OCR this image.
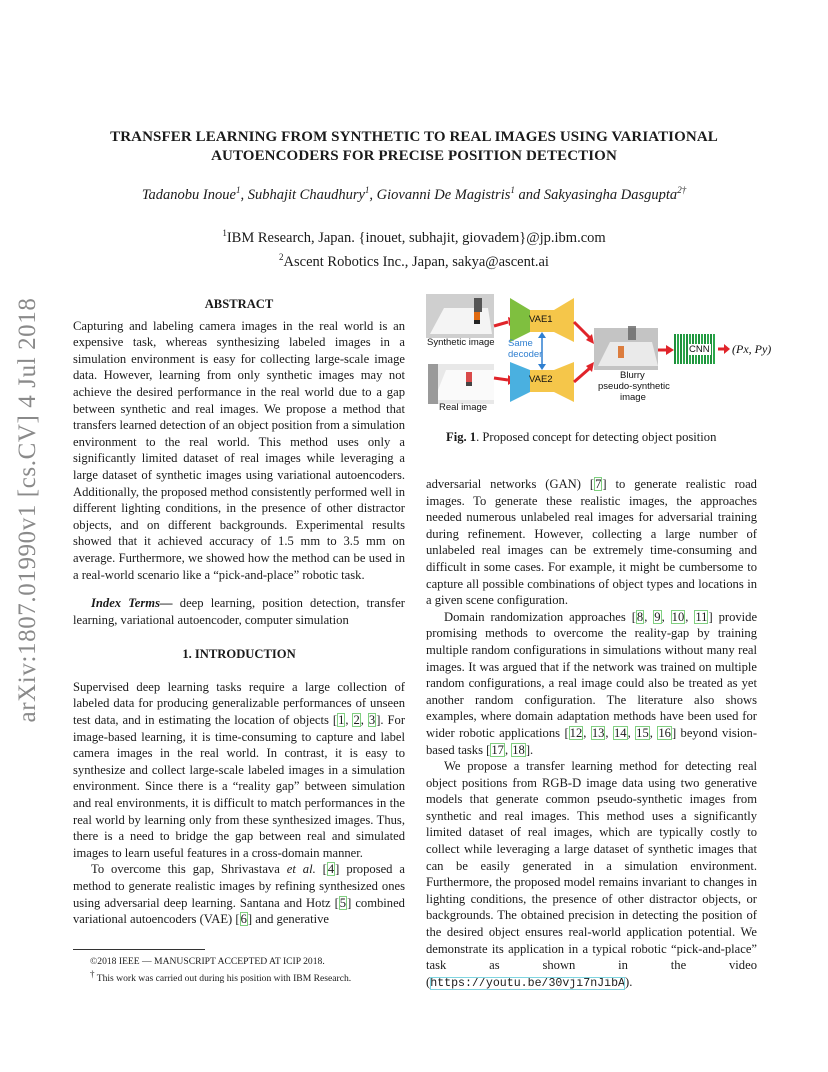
TRANSFER LEARNING FROM SYNTHETIC TO REAL IMAGES USING VARIATIONAL
AUTOENCODERS FOR PRECISE POSITION DETECTION
Tadanobu Inoue$^1$, Subhajit Chaudhury$^1$, Giovanni De Magistris$^1$ and Sakyasingha Dasgupta$^{2\dagger}$
$^1$IBM Research, Japan. {inouet, subhajit, giovadem}@jp.ibm.com
$^2$Ascent Robotics Inc., Japan, sakya@ascent.ai
arXiv:1807.01990v1 [cs.CV] 4 Jul 2018	ABSTRACT

Capturing and labeling camera images in the real world is an expensive task, whereas synthesizing labeled images in a simulation environment is easy for collecting large-scale image data. However, learning from only synthetic images may not achieve the desired performance in the real world due to a gap between synthetic and real images. We propose a method that transfers learned detection of an object position from a simulation environment to the real world. This method uses only a significantly limited dataset of real images while leveraging a large dataset of synthetic images using variational autoencoders. Additionally, the proposed method consistently performed well in different lighting conditions, in the presence of other distractor objects, and on different backgrounds. Experimental results showed that it achieved accuracy of 1.5 mm to 3.5 mm on average. Furthermore, we showed how the method can be used in a real-world scenario like a “pick-and-place” robotic task.

Index Terms— deep learning, position detection, transfer learning, variational autoencoder, computer simulation

1. INTRODUCTION

Supervised deep learning tasks require a large collection of labeled data for producing generalizable performances of unseen test data, and in estimating the location of objects [1, 2, 3]. For image-based learning, it is time-consuming to capture and label camera images in the real world. In contrast, it is easy to synthesize and collect large-scale labeled images in a simulation environment. Since there is a “reality gap” between simulation and real environments, it is difficult to match performances in the real world by learning only from these synthesized images. Thus, there is a need to bridge the gap between real and simulated images to learn useful features in a cross-domain manner.

To overcome this gap, Shrivastava et al. [4] proposed a method to generate realistic images by refining synthesized ones using adversarial deep learning. Santana and Hotz [5] combined variational autoencoders (VAE) [6] and generative

©2018 IEEE — MANUSCRIPT ACCEPTED AT ICIP 2018.
† This work was carried out during his position with IBM Research.
Synthetic image
Real image
VAE1
VAE2
Same
decoder
Blurry
pseudo-synthetic
image
CNN (Px, Py)
Fig. 1. Proposed concept for detecting object position

adversarial networks (GAN) [7] to generate realistic road images. To generate these realistic images, the approaches needed numerous unlabeled real images for adversarial training during refinement. However, collecting a large number of unlabeled real images can be extremely time-consuming and difficult in some cases. For example, it might be cumbersome to capture all possible combinations of object types and locations in a given scene configuration.

Domain randomization approaches [8, 9, 10, 11] provide promising methods to overcome the reality-gap by training multiple random configurations in simulations without many real images. It was argued that if the network was trained on multiple random configurations, a real image could also be treated as yet another random configuration. The literature also shows examples, where domain adaptation methods have been used for wider robotic applications [12, 13, 14, 15, 16] beyond vision-based tasks [17, 18].

We propose a transfer learning method for detecting real object positions from RGB-D image data using two generative models that generate common pseudo-synthetic images from synthetic and real images. This method uses a significantly limited dataset of real images, which are typically costly to collect while leveraging a large dataset of synthetic images that can be easily generated in a simulation environment. Furthermore, the proposed model remains invariant to changes in lighting conditions, the presence of other distractor objects, or backgrounds. The obtained precision in detecting the position of the desired object ensures real-world application potential. We demonstrate its application in a typical robotic “pick-and-place” task as shown in the video (https://youtu.be/30vji7nJibA).
